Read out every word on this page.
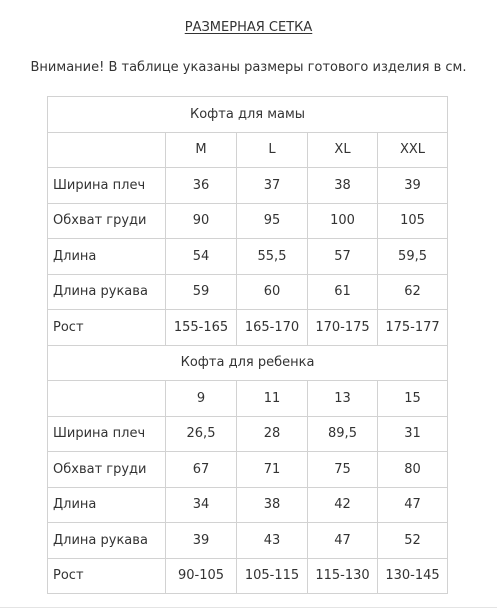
РАЗМЕРНАЯ СЕТКА
Внимание! В таблице указаны размеры готового изделия в см.
Кофта для мамы				
	M	L	XL	XXL
Ширина плеч	36	37	38	39
Обхват груди	90	95	100	105
Длина	54	55,5	57	59,5
Длина рукава	59	60	61	62
Рост	155-165	165-170	170-175	175-177
Кофта для ребенка				
	9	11	13	15
Ширина плеч	26,5	28	89,5	31
Обхват груди	67	71	75	80
Длина	34	38	42	47
Длина рукава	39	43	47	52
Рост	90-105	105-115	115-130	130-145
